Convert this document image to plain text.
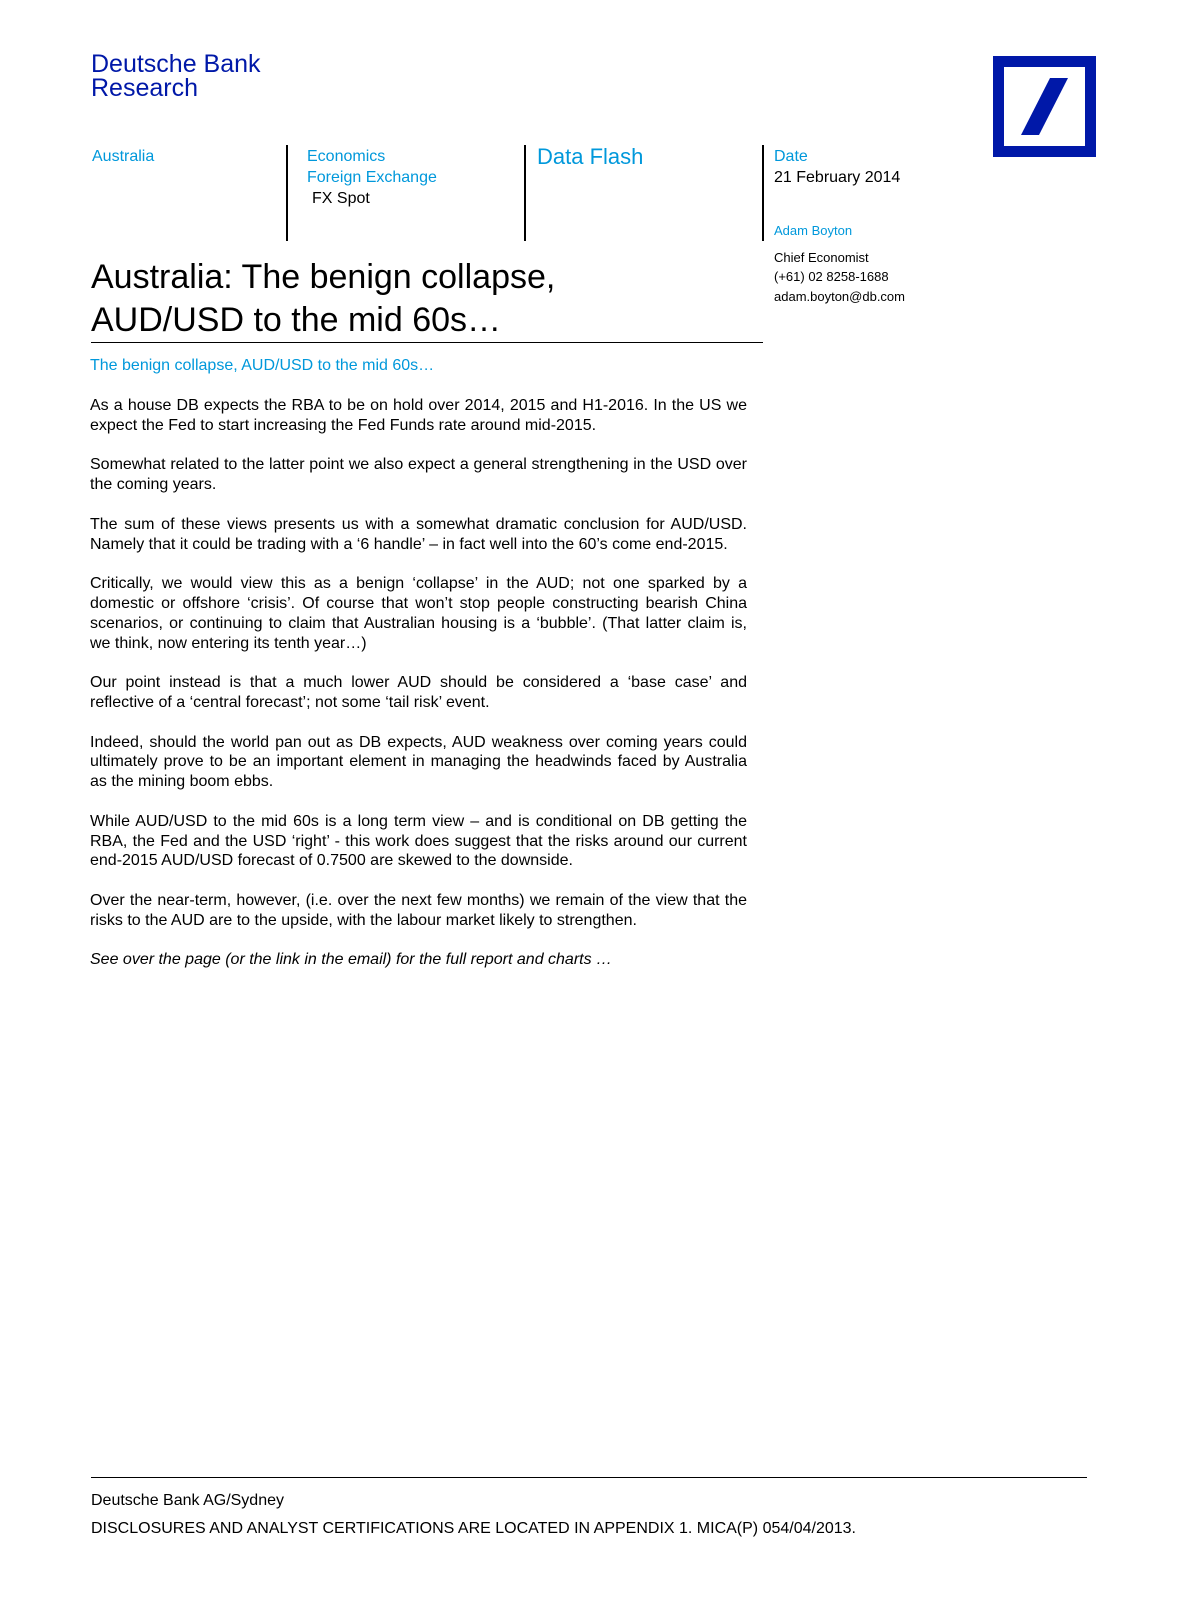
Deutsche Bank
Research
Australia	Economics
Foreign Exchange
FX Spot
Data Flash	Date
21 February 2014
Adam Boyton
Chief Economist
(+61) 02 8258-1688
adam.boyton@db.com
Australia: The benign collapse,
AUD/USD to the mid 60s…
The benign collapse, AUD/USD to the mid 60s…

As a house DB expects the RBA to be on hold over 2014, 2015 and H1-2016. In the US we expect the Fed to start increasing the Fed Funds rate around mid-2015.

Somewhat related to the latter point we also expect a general strengthening in the USD over the coming years.

The sum of these views presents us with a somewhat dramatic conclusion for AUD/USD. Namely that it could be trading with a ‘6 handle’ – in fact well into the 60’s come end-2015.

Critically, we would view this as a benign ‘collapse’ in the AUD; not one sparked by a domestic or offshore ‘crisis’. Of course that won’t stop people constructing bearish China scenarios, or continuing to claim that Australian housing is a ‘bubble’. (That latter claim is, we think, now entering its tenth year…)

Our point instead is that a much lower AUD should be considered a ‘base case’ and reflective of a ‘central forecast’; not some ‘tail risk’ event.

Indeed, should the world pan out as DB expects, AUD weakness over coming years could ultimately prove to be an important element in managing the headwinds faced by Australia as the mining boom ebbs.

While AUD/USD to the mid 60s is a long term view – and is conditional on DB getting the RBA, the Fed and the USD ‘right’ - this work does suggest that the risks around our current end-2015 AUD/USD forecast of 0.7500 are skewed to the downside.

Over the near-term, however, (i.e. over the next few months) we remain of the view that the risks to the AUD are to the upside, with the labour market likely to strengthen.

See over the page (or the link in the email) for the full report and charts …

Deutsche Bank AG/Sydney
DISCLOSURES AND ANALYST CERTIFICATIONS ARE LOCATED IN APPENDIX 1. MICA(P) 054/04/2013.
